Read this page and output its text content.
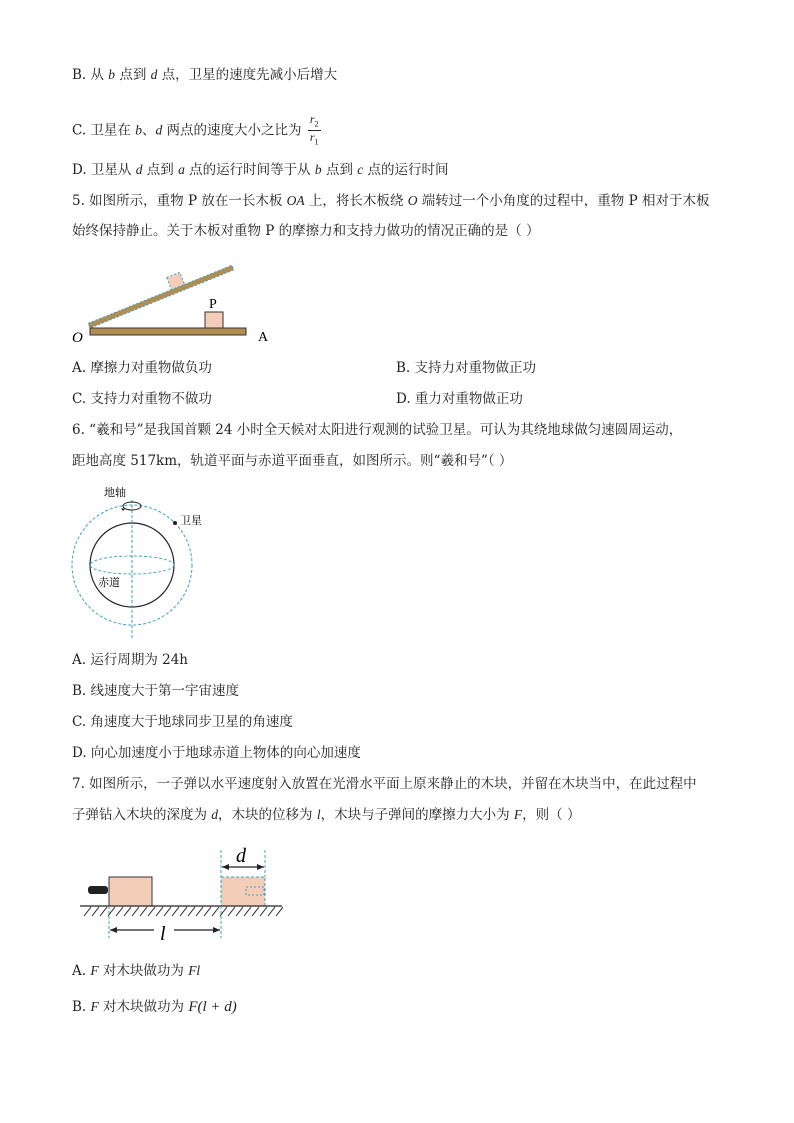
B. 从 b 点到 d 点，卫星的速度先减小后增大
C. 卫星在 b、d 两点的速度大小之比为 $\frac{r_2}{r_1}$
D. 卫星从 d 点到 a 点的运行时间等于从 b 点到 c 点的运行时间
5. 如图所示，重物 P 放在一长木板 OA 上，将长木板绕 O 端转过一个小角度的过程中，重物 P 相对于木板
始终保持静止。关于木板对重物 P 的摩擦力和支持力做功的情况正确的是（ ）
P
O	A
A. 摩擦力对重物做负功	B. 支持力对重物做正功
C. 支持力对重物不做功	D. 重力对重物做正功
6. “羲和号”是我国首颗 24 小时全天候对太阳进行观测的试验卫星。可认为其绕地球做匀速圆周运动，
距地高度 517km，轨道平面与赤道平面垂直，如图所示。则“羲和号”（ ）
地轴
卫星
赤道
A. 运行周期为 24h
B. 线速度大于第一宇宙速度
C. 角速度大于地球同步卫星的角速度
D. 向心加速度小于地球赤道上物体的向心加速度
7. 如图所示，一子弹以水平速度射入放置在光滑水平面上原来静止的木块，并留在木块当中，在此过程中
子弹钻入木块的深度为 d，木块的位移为 l，木块与子弹间的摩擦力大小为 F，则（ ）
d
l
A. F 对木块做功为 Fl
B. F 对木块做功为 F(l + d)
